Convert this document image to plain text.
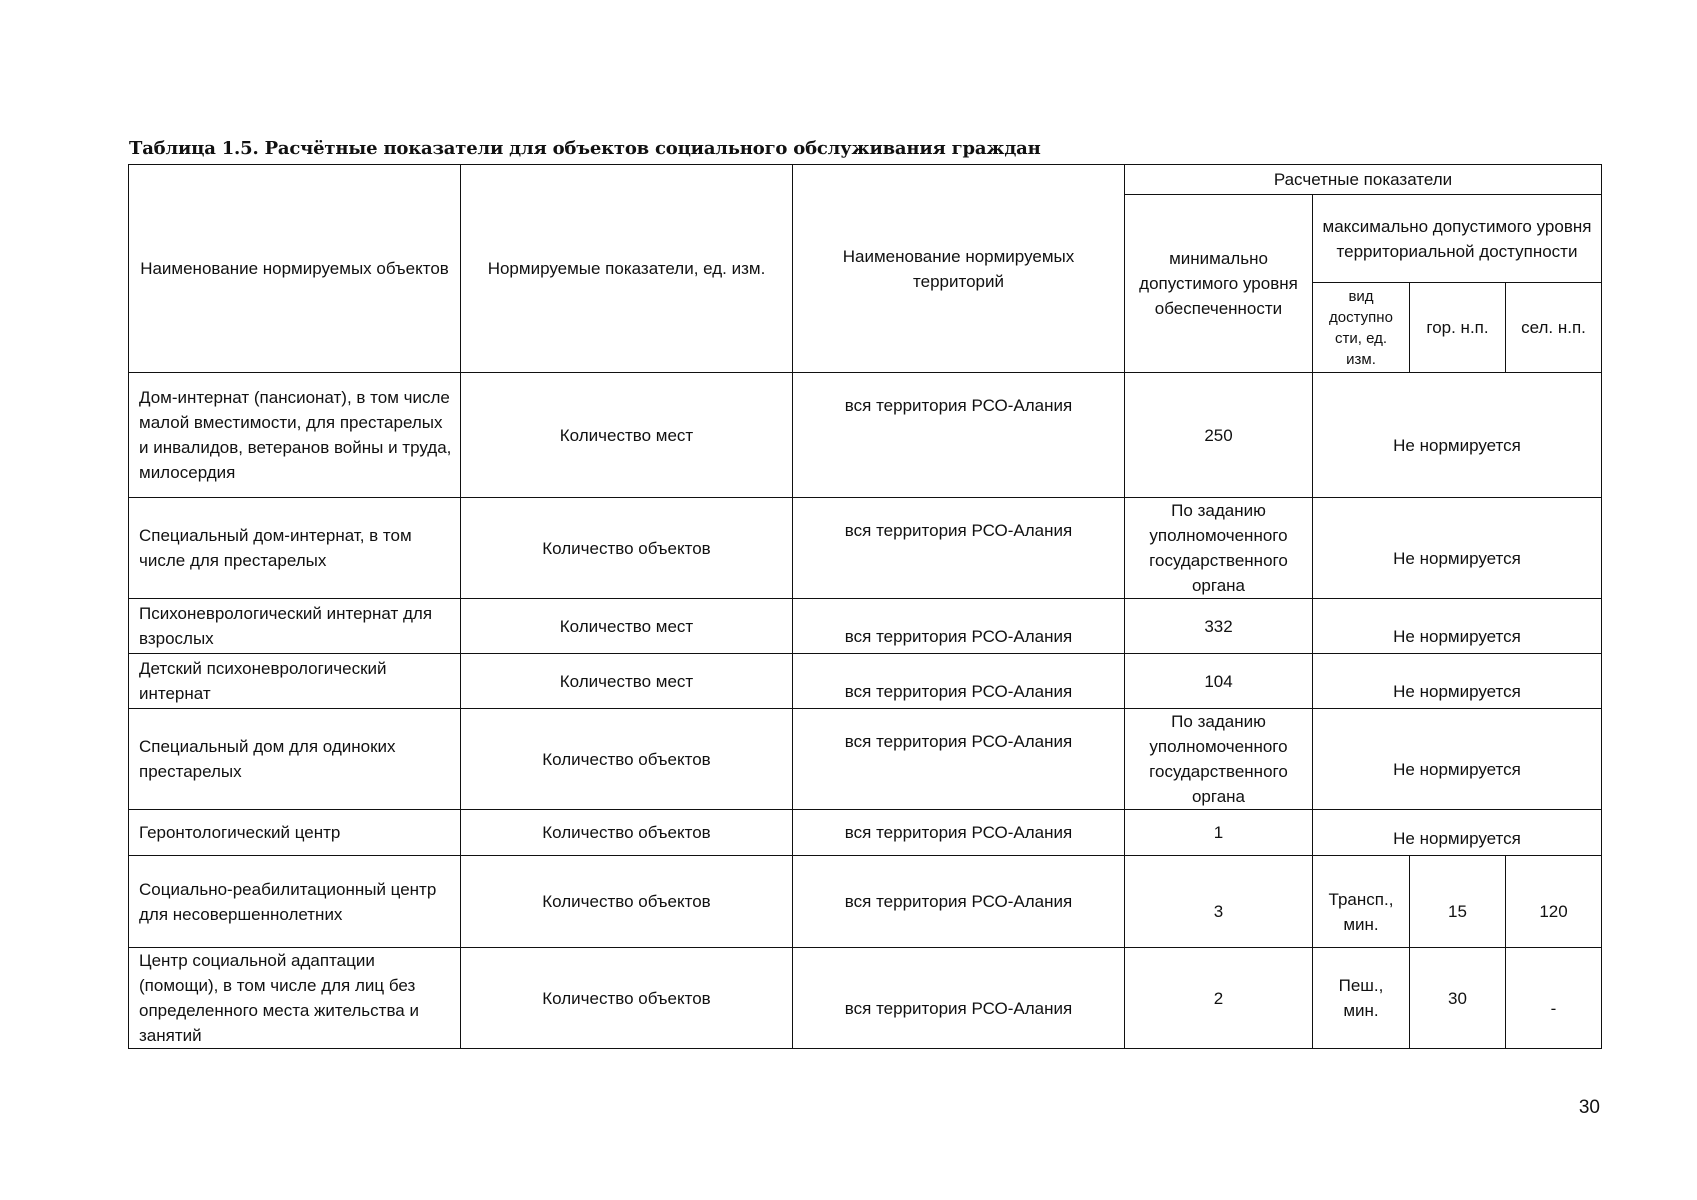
Таблица 1.5. Расчётные показатели для объектов социального обслуживания граждан
Наименование нормируемых объектов	Нормируемые показатели, ед. изм.	Наименование нормируемых территорий	Расчетные показатели			
			минимально допустимого уровня обеспеченности	максимально допустимого уровня территориальной доступности		
				вид доступно сти, ед. изм.	гор. н.п.	сел. н.п.
Дом-интернат (пансионат), в том числе малой вместимости, для престарелых и инвалидов, ветеранов войны и труда, милосердия	Количество мест	вся территория РСО-Алания	250	Не нормируется		
Специальный дом-интернат, в том числе для престарелых	Количество объектов	вся территория РСО-Алания	По заданию уполномоченного государственного органа	Не нормируется		
Психоневрологический интернат для взрослых	Количество мест	вся территория РСО-Алания	332	Не нормируется		
Детский психоневрологический интернат	Количество мест	вся территория РСО-Алания	104	Не нормируется		
Специальный дом для одиноких престарелых	Количество объектов	вся территория РСО-Алания	По заданию уполномоченного государственного органа	Не нормируется		
Геронтологический центр	Количество объектов	вся территория РСО-Алания	1	Не нормируется		
Социально-реабилитационный центр для несовершеннолетних	Количество объектов	вся территория РСО-Алания	3	Трансп., мин.	15	120
Центр социальной адаптации (помощи), в том числе для лиц без определенного места жительства и занятий	Количество объектов	вся территория РСО-Алания	2	Пеш., мин.	30	-
30
